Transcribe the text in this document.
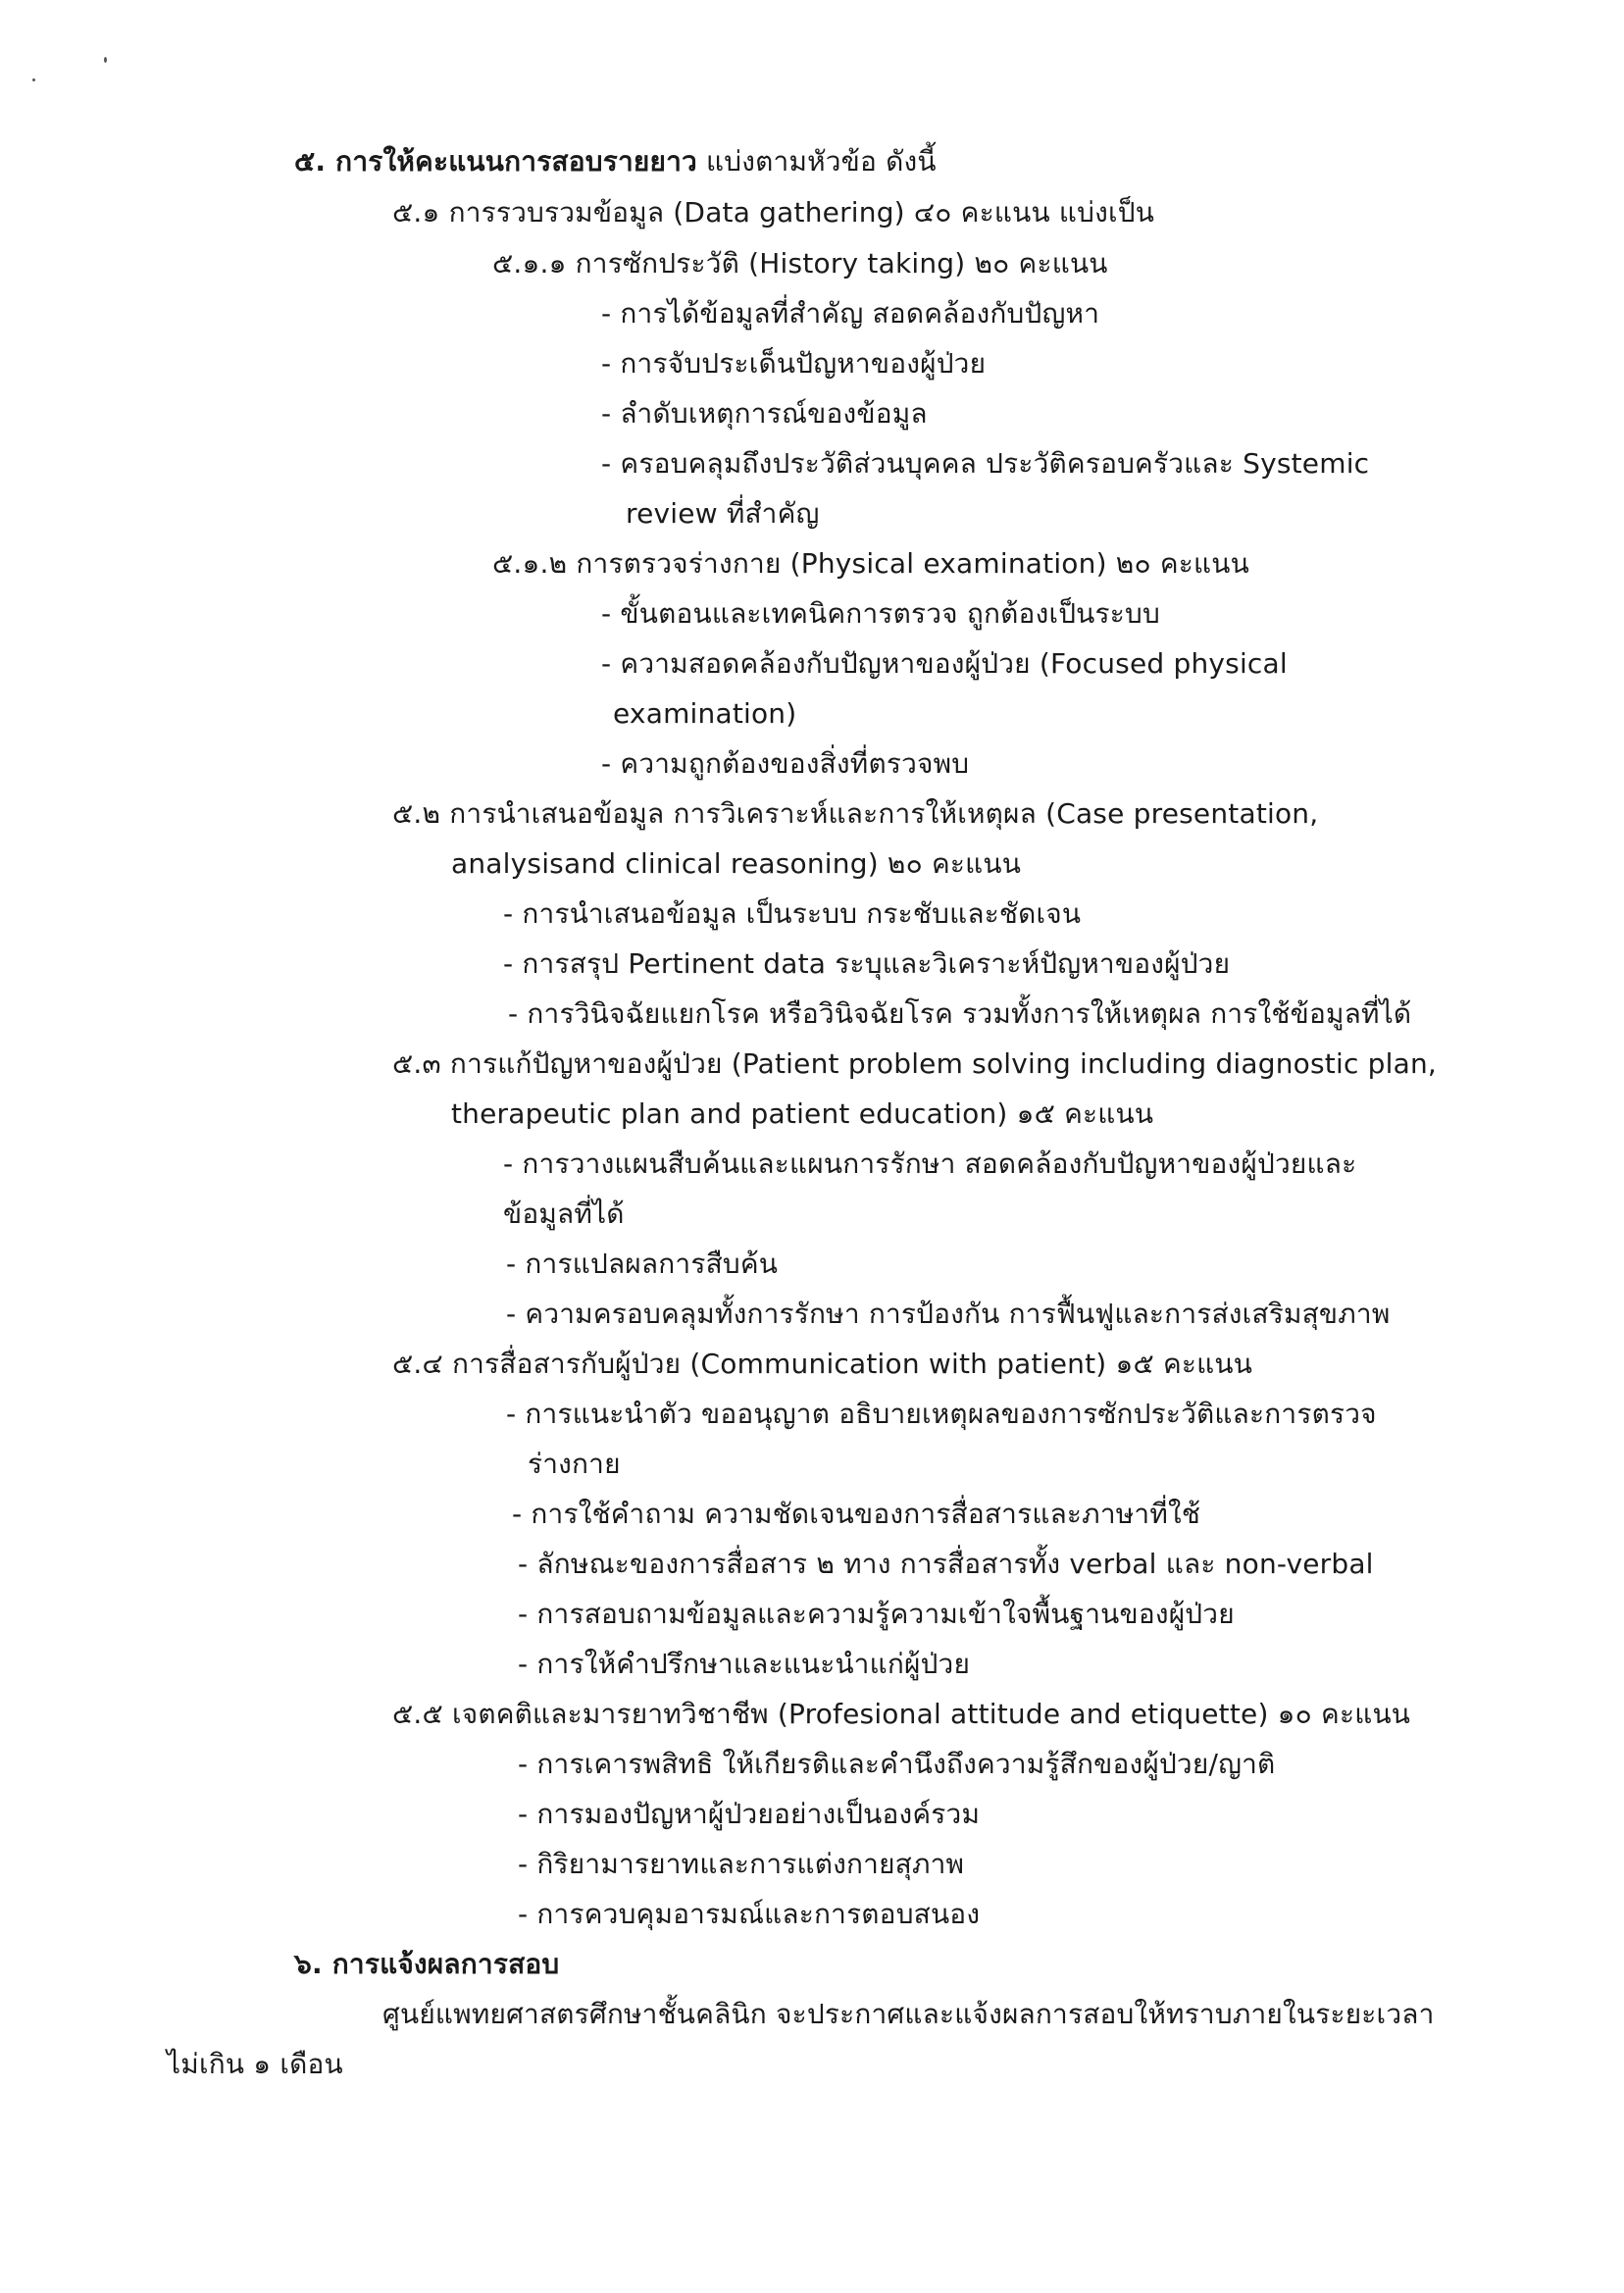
๕. การให้คะแนนการสอบรายยาว แบ่งตามหัวข้อ ดังนี้
๕.๑ การรวบรวมข้อมูล (Data gathering) ๔๐ คะแนน แบ่งเป็น
๕.๑.๑ การซักประวัติ (History taking) ๒๐ คะแนน
- การได้ข้อมูลที่สำคัญ สอดคล้องกับปัญหา
- การจับประเด็นปัญหาของผู้ป่วย
- ลำดับเหตุการณ์ของข้อมูล
- ครอบคลุมถึงประวัติส่วนบุคคล ประวัติครอบครัวและ Systemic
review ที่สำคัญ
๕.๑.๒ การตรวจร่างกาย (Physical examination) ๒๐ คะแนน
- ขั้นตอนและเทคนิคการตรวจ ถูกต้องเป็นระบบ
- ความสอดคล้องกับปัญหาของผู้ป่วย (Focused physical
examination)
- ความถูกต้องของสิ่งที่ตรวจพบ
๕.๒ การนำเสนอข้อมูล การวิเคราะห์และการให้เหตุผล (Case presentation,
analysisand clinical reasoning) ๒๐ คะแนน
- การนำเสนอข้อมูล เป็นระบบ กระชับและชัดเจน
- การสรุป Pertinent data ระบุและวิเคราะห์ปัญหาของผู้ป่วย
- การวินิจฉัยแยกโรค หรือวินิจฉัยโรค รวมทั้งการให้เหตุผล การใช้ข้อมูลที่ได้
๕.๓ การแก้ปัญหาของผู้ป่วย (Patient problem solving including diagnostic plan,
therapeutic plan and patient education) ๑๕ คะแนน
- การวางแผนสืบค้นและแผนการรักษา สอดคล้องกับปัญหาของผู้ป่วยและ
ข้อมูลที่ได้
- การแปลผลการสืบค้น
- ความครอบคลุมทั้งการรักษา การป้องกัน การฟื้นฟูและการส่งเสริมสุขภาพ
๕.๔ การสื่อสารกับผู้ป่วย (Communication with patient) ๑๕ คะแนน
- การแนะนำตัว ขออนุญาต อธิบายเหตุผลของการซักประวัติและการตรวจ
ร่างกาย
- การใช้คำถาม ความชัดเจนของการสื่อสารและภาษาที่ใช้
- ลักษณะของการสื่อสาร ๒ ทาง การสื่อสารทั้ง verbal และ non-verbal
- การสอบถามข้อมูลและความรู้ความเข้าใจพื้นฐานของผู้ป่วย
- การให้คำปรึกษาและแนะนำแก่ผู้ป่วย
๕.๕ เจตคติและมารยาทวิชาชีพ (Profesional attitude and etiquette) ๑๐ คะแนน
- การเคารพสิทธิ ให้เกียรติและคำนึงถึงความรู้สึกของผู้ป่วย/ญาติ
- การมองปัญหาผู้ป่วยอย่างเป็นองค์รวม
- กิริยามารยาทและการแต่งกายสุภาพ
- การควบคุมอารมณ์และการตอบสนอง
๖. การแจ้งผลการสอบ
ศูนย์แพทยศาสตรศึกษาชั้นคลินิก จะประกาศและแจ้งผลการสอบให้ทราบภายในระยะเวลา
ไม่เกิน ๑ เดือน
